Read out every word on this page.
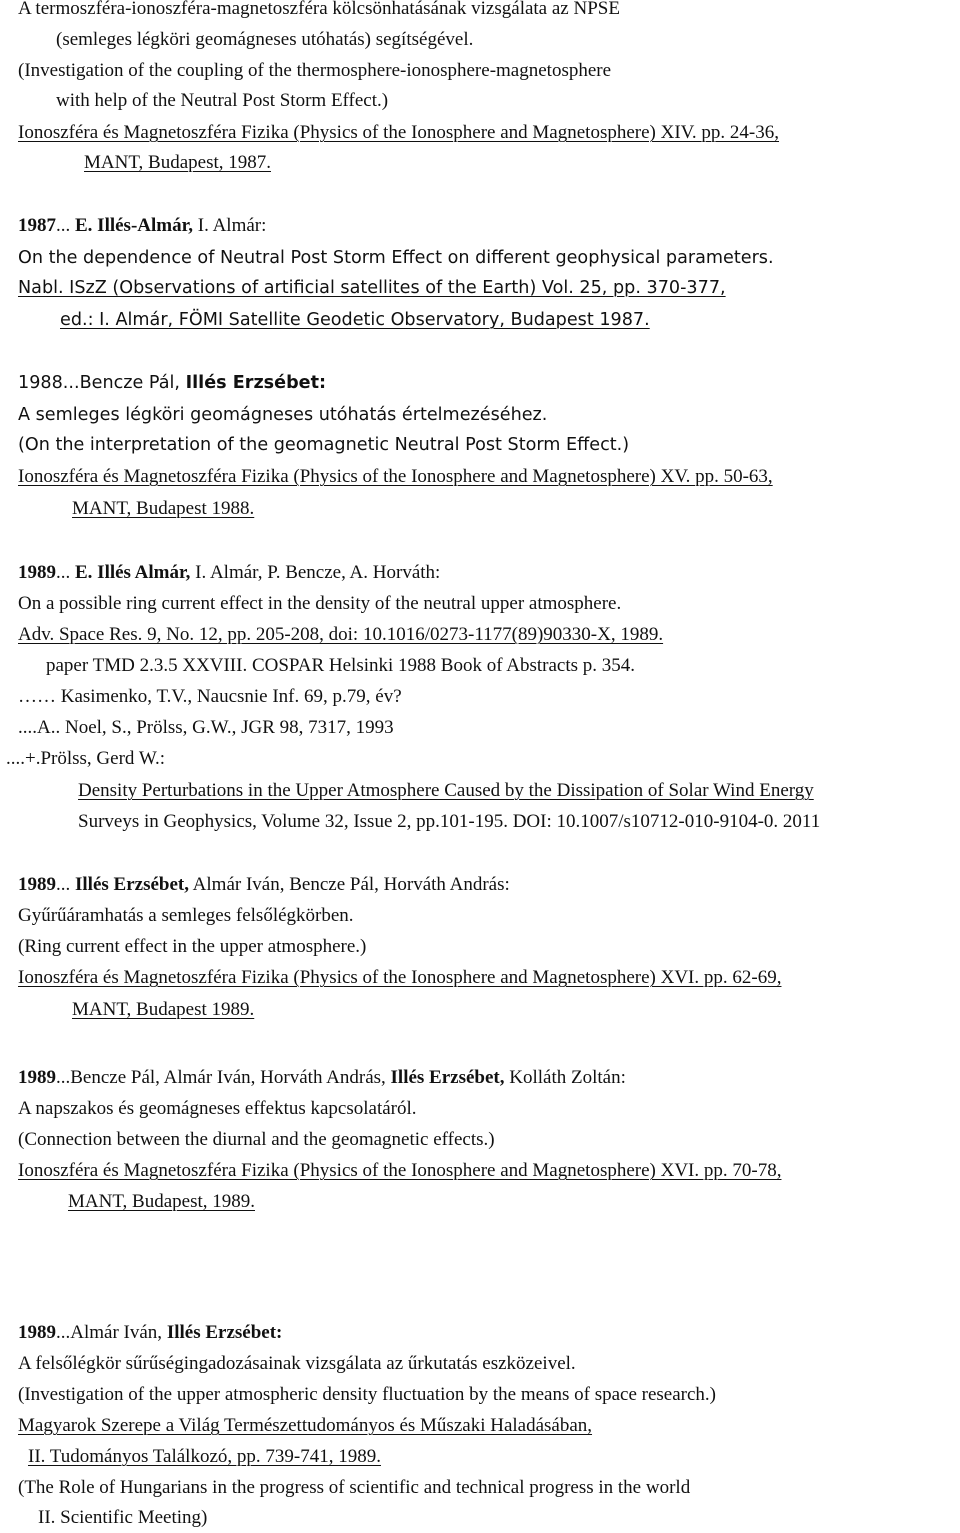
A termoszféra-ionoszféra-magnetoszféra kölcsönhatásának vizsgálata az NPSE
(semleges légköri geomágneses utóhatás) segítségével.
(Investigation of the coupling of the thermosphere-ionosphere-magnetosphere
with help of the Neutral Post Storm Effect.)
Ionoszféra és Magnetoszféra Fizika (Physics of the Ionosphere and Magnetosphere) XIV. pp. 24-36,
MANT, Budapest, 1987.
1987... E. Illés-Almár, I. Almár:
On the dependence of Neutral Post Storm Effect on different geophysical parameters.
Nabl. ISzZ (Observations of artificial satellites of the Earth) Vol. 25, pp. 370-377,
ed.: I. Almár, FÖMI Satellite Geodetic Observatory, Budapest 1987.
1988...Bencze Pál, Illés Erzsébet:
A semleges légköri geomágneses utóhatás értelmezéséhez.
(On the interpretation of the geomagnetic Neutral Post Storm Effect.)
Ionoszféra és Magnetoszféra Fizika (Physics of the Ionosphere and Magnetosphere) XV. pp. 50-63,
MANT, Budapest 1988.
1989... E. Illés Almár, I. Almár, P. Bencze, A. Horváth:
On a possible ring current effect in the density of the neutral upper atmosphere.
Adv. Space Res. 9, No. 12, pp. 205-208, doi: 10.1016/0273-1177(89)90330-X, 1989.
paper TMD 2.3.5 XXVIII. COSPAR Helsinki 1988 Book of Abstracts p. 354.
…… Kasimenko, T.V., Naucsnie Inf. 69, p.79, év?
....A.. Noel, S., Prölss, G.W., JGR 98, 7317, 1993
....+.Prölss, Gerd W.:
Density Perturbations in the Upper Atmosphere Caused by the Dissipation of Solar Wind Energy
Surveys in Geophysics, Volume 32, Issue 2, pp.101-195. DOI: 10.1007/s10712-010-9104-0. 2011
1989... Illés Erzsébet, Almár Iván, Bencze Pál, Horváth András:
Gyűrűáramhatás a semleges felsőlégkörben.
(Ring current effect in the upper atmosphere.)
Ionoszféra és Magnetoszféra Fizika (Physics of the Ionosphere and Magnetosphere) XVI. pp. 62-69,
MANT, Budapest 1989.
1989...Bencze Pál, Almár Iván, Horváth András, Illés Erzsébet, Kolláth Zoltán:
A napszakos és geomágneses effektus kapcsolatáról.
(Connection between the diurnal and the geomagnetic effects.)
Ionoszféra és Magnetoszféra Fizika (Physics of the Ionosphere and Magnetosphere) XVI. pp. 70-78,
MANT, Budapest, 1989.
1989...Almár Iván, Illés Erzsébet:
A felsőlégkör sűrűségingadozásainak vizsgálata az űrkutatás eszközeivel.
(Investigation of the upper atmospheric density fluctuation by the means of space research.)
Magyarok Szerepe a Világ Természettudományos és Műszaki Haladásában,
II. Tudományos Találkozó, pp. 739-741, 1989.
(The Role of Hungarians in the progress of scientific and technical progress in the world
II. Scientific Meeting)
